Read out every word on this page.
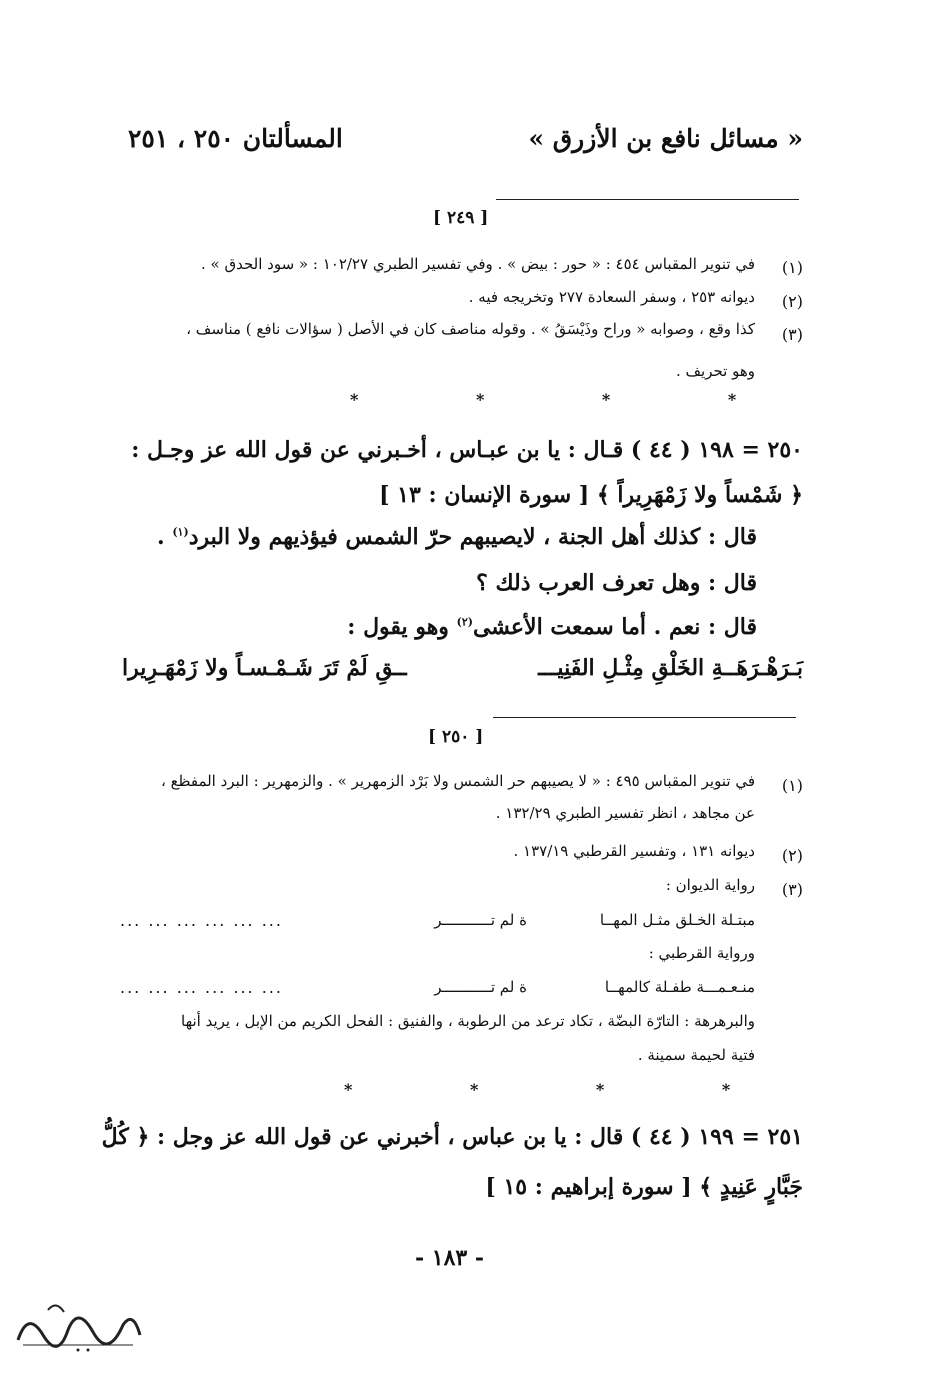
« مسائل نافع بن الأزرق »
المسألتان ٢٥٠ ، ٢٥١
[ ٢٤٩ ]
(١)
في تنوير المقباس ٤٥٤ : « حور : بيض » . وفي تفسير الطبري ١٠٢/٢٧ : « سود الحدق » .
(٢)
ديوانه ٢٥٣ ، وسفر السعادة ٢٧٧ وتخريجه فيه .
(٣)
كذا وقع ، وصوابه « وراح وذَيْسَقُ » . وقوله مناصف كان في الأصل ( سؤالات نافع ) مناسف ،
وهو تحريف .
* * * *
٢٥٠ = ١٩٨ ( ٤٤ ) قـال : يا بن عبـاس ، أخـبرني عن قول الله عز وجـل :
﴿ شَمْساً ولا زَمْهَرِيراً ﴾ [ سورة الإنسان : ١٣ ]
قال : كذلك أهل الجنة ، لايصيبهم حرّ الشمس فيؤذيهم ولا البرد$^{(١)}$ .
قال : وهل تعرف العرب ذلك ؟
قال : نعم . أما سمعت الأعشى$^{(٢)}$ وهو يقول :
بَـرَهْـرَهَــةِ الخَلْقِ مِثْـلِ الفَنِيـــ
ــقِ لَمْ تَرَ شَـمْـسـاً ولا زَمْهَـرِيرا
[ ٢٥٠ ]
(١)
في تنوير المقباس ٤٩٥ : « لا يصيبهم حر الشمس ولا بَرْد الزمهرير » . والزمهرير : البرد المفظع ،
عن مجاهد ، انظر تفسير الطبري ١٣٢/٢٩ .
(٢)
ديوانه ١٣١ ، وتفسير القرطبي ١٣٧/١٩ .
(٣)
رواية الديوان :
مبتـلة الخـلق مثـل المهــا
ة لم تـــــــــــر
... ... ... ... ... ...
ورواية القرطبي :
منـعـمـــة طفـلة كالمهــا
ة لم تـــــــــــر
... ... ... ... ... ...
والبرهرهة : التارّة البضّة ، تكاد ترعد من الرطوبة ، والفنيق : الفحل الكريم من الإبل ، يريد أنها
فتية لحيمة سمينة .
* * * *
٢٥١ = ١٩٩ ( ٤٤ ) قال : يا بن عباس ، أخبرني عن قول الله عز وجل : ﴿ كُلُّ
جَبَّارٍ عَنِيدٍ ﴾ [ سورة إبراهيم : ١٥ ]
- ١٨٣ -
